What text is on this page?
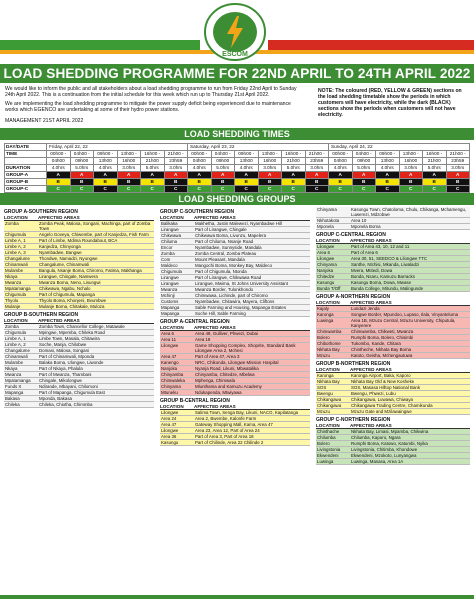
ESCOM
LOAD SHEDDING PROGRAMME FOR 22ND APRIL TO 24TH APRIL 2022

We would like to inform the public and all stakeholders about a load shedding programme to run from Friday 22nd April to Sunday 24th April 2022. This is a continuation from the initial schedule for this week which run up to Thursday 21st April 2022.

We are implementing the load shedding programme to mitigate the power supply deficit being experienced due to maintenance works which EGENCO are undertaking at some of their hydro power stations.

MANAGEMENT 21ST APRIL 2022
NOTE: The coloured (RED, YELLOW & GREEN) sections on the load shedding timetable show the periods in which customers will have electricity, while the dark (BLACK) sections show the periods when customers will not have electricity.
LOAD SHEDDING TIMES
DAY/DATE	Friday, April 22, 22						Saturday, April 23, 22						Sunday, April 24, 22					
TIME	00h00 -	04h00 -	09h00 -	13h00 -	16h00 -	21h00 -	00h00 -	04h00 -	09h00 -	13h00 -	16h00 -	21h00 -	00h00 -	04h00 -	09h00 -	13h00 -	16h00 -	21h00 -
	04h00	09h00	13h00	16h00	21h00	23h59	04h00	09h00	13h00	16h00	21h00	23h59	04h00	09h00	13h00	16h00	21h00	23h59
DURATION	4.0hrs	5.0hrs	4.0hrs	3.0hrs	5.0hrs	3.0hrs	4.0hrs	5.0hrs	4.0hrs	3.0hrs	5.0hrs	3.0hrs	4.0hrs	5.0hrs	4.0hrs	3.0hrs	5.0hrs	3.0hrs
GROUP-A	A	A	A	A	A	A	A	A	A	A	A	A	A	A	A	A	A	A
GROUP-B	B	B	B	B	B	B	B	B	B	B	B	B	B	B	B	B	B	B
GROUP-C	C	C	C	C	C	C	C	C	C	C	C	C	C	C	C	C	C	C
LOAD SHEDDING GROUPS
GROUP A-SOUTHERN REGION
LOCATION	AFFECTED AREAS
Zomba	Zomba Peak, Malosa, Songani, Machinga, part of Zomba Town
Chigumula	Angelo Goveya, Chiwembe, part of Kanjedza, Fish Farm
Limbe A, 1	Part of Limbe, Mdima Roundabout, BCA
Limbe A, 2	Kanjedza, Chinyonga
Limbe A, 3	Nyambadwe, Bangwe
Changalume	Thondwe, Namadzi, Nyungwe
Chinamwali	Changalume, Chinamwali
Mulambe	Bangula, Nsanje Boma, Chiromo, Fatima, Makhanga
Nkaya	Lirangwe, Chingale, Namwera
Mwanza	Mwanza Boma, Neno, Lisungwi
Mpatamanga	Chikwawa, Ngabu, Nchalo
Chigumula	Part of Chigumula, Mapanga
Thyolo	Thyolo Boma, Khonjeni, Bvumbwe
Mulanje	Mulanje Boma, Chitakale, Muloza
GROUP B-SOUTHERN REGION
LOCATION	AFFECTED AREAS
Zomba	Zomba Town, Chancellor College, Matawale
Chigumula	Mpingwe, Mpemba, Chileka Road
Limbe A, 1	Limbe Town, Masala, Chitawira
Limbe A, 2	Soche, Manja, Chilobwe
Changalume	Domasi, Malosa, Songani
Chinamwali	Part of Chinamwali, Mponda
Mulambe	Balaka Boma, Ulongwe, Liwonde
Nkaya	Part of Nkaya, Phalula
Mwanza	Part of Mwanza, Thambani
Mpatamanga	Chingale, Mikolongwe
Funds X	Ndirande, Mbayani, Chilomoni
Mapanga	Part of Mapanga, Chigumula East
Bakasa	Mponda, Bakasa
Chileka	Chileka, Chiotha, Chimmba
GROUP C-SOUTHERN REGION
LOCATION	AFFECTED AREAS
Balikaka	Makhetha, Justin Malewezi, Nyambadwe Hill
Lirangwe	Part of Lirangwe, Chingale
Chikwawa	Chikwawa Boma, Livunzu, Mapelera
Chiluma	Part of Chiluma, Nsanje Road
Encor	Nyambadwe, Sunnyside, Mandala
Zomba	Zomba Central, Zomba Plateau
Com	Mount Pleasant, Mandala
Maldeco	Mangochi Boma, Monkey Bay, Maldeco
Chigumula	Part of Chigumula, Ntonda
Lirangwe	Part of Lirangwe, Chikwawa Road
Lirangwe	Lirangwe, Mwima, St Johns University Assistant
Mwanza	Mwanza Border, Tulonkhondo
Mchinji	Chimwawa, Lichinde, part of Chiromo
Customs	Nyambadwe, Chitawira, Mayera, Cliftons
Mapanga	Sable Farming and Housing, Mapanga Estates
Mapanga	Soche Hill, Sable Farming
GROUP A-CENTRAL REGION
LOCATION	AFFECTED AREAS
Area 6	Area 49, Gulliver, Phwezi, Dubai
Area 11	Area 18
Lilongwe	Game Shopping Complex, Shoprite, Standard Bank Lilongwe Area 2, Mchesi
Area 47	Part of Area 47, Area 3
Kanengo	NRC, Chikonda, Lilongwe Mission Hospital
Nanjoka	Nyanja Road, Likuni, Mbwatalika
Chinyamba	Chinyamba, Chitedze, Mbelwa
Chimwaleka	Mphenga, Chimwala
Chinyama	Mlunthama and Kamuzu Academy
Mtuneku	Ndukapenda, Mtwiyawa
GROUP B-CENTRAL REGION
LOCATION	AFFECTED AREAS
Lilongwe	Salima Town, Senga Bay, Likuni, NACO, Kapilatanga
Area 24	Area 2, Bwembe, Kalonfe Farm
Area 47	Gateway Shopping Mall, Kama, Area 47
Lilongwe	Area 23, Area 12, Part of Area 24
Area 36	Part of Area 3, Part of Area 18
Kasungu	Part of Chilinde, Area 22 Chilinde 2
Chinyama	Kasungu Town, Chatoloma, Chulu, Chikanga, Mchamengu, Luwerezi, Mdzobwe
Nkhotakota	Area 10
Mponela	Mponela Boma
GROUP C-CENTRAL REGION
LOCATION	AFFECTED AREAS
Lilongwe	Part of Area 43, 10, 12 and 11
Area 6	Part of Area 6
Lilongwe	Area 30, 51, SEEDCO & Lilongwe TTC
Chinyama	Santhe, Ntchisi, Mkanda, Liwaladzi
Nanjoka	Mvera, Mtitedi, Dowa
Chitedze	Bunda, Nsaru, Kamuzu Barracks
Kasungu	Kasungu Boma, Dowa, Mwase
Bunda T/Off	Bunda College, Mitundu, Malingunde
GROUP A-NORTHERN REGION
LOCATION	AFFECTED AREAS
Kajaly	Lundazi Jenda
Karonga	Songwe Border, Mpundoo, Lupaso, Ilala, Vinyanteluma
Luwinga	Area 1B, Mzuzu Central, Mzuzu University, Chiputula, Kanyerere
Chimwamba	Chimwamba, Chikweti, Mwanza
Bolero	Rumphi Boma, Bolero, Chisimbi
Chibothome	Tukombo, Kande, Chitara
Nkhata Bay	Chintheche, Nkhata Bay Boma
Mzuzu	Katoto, Geisha, Mchengautuwa
GROUP B-NORTHERN REGION
LOCATION	AFFECTED AREAS
Karonga	Karonga Airport, Baka, Kaporo
Nkhata Bay	Nkhata Bay Old & New Kosheke
SOS	SOS, Masasa Hilltop National Bank
Bwengu	Bwengu, Phwezi, Lubu
Chikangawa	Chikangawa, Luwawa, Chiwaya
Chikangawa	Chikangawa Trading Centre, Chamikunda
Mzuzu	Mzuzu Gate and Mzilawaingwe
GROUP C-NORTHERN REGION
LOCATION	AFFECTED AREAS
Chinthache	Nkhata Bay, Limasi, Mpamba, Chikwina
Chilumba	Chilumba, Kaporo, Ngara
Bolero	Rumphi Boma, Katowo, Katumbi, Nyika
Livingstonia	Livingstonia, Chitimba, Khondowe
Ekwendeni	Ekwendeni, Mzokoto, Lunyangwa
Luwinga	Luwinga, Masasa, Area 1A
